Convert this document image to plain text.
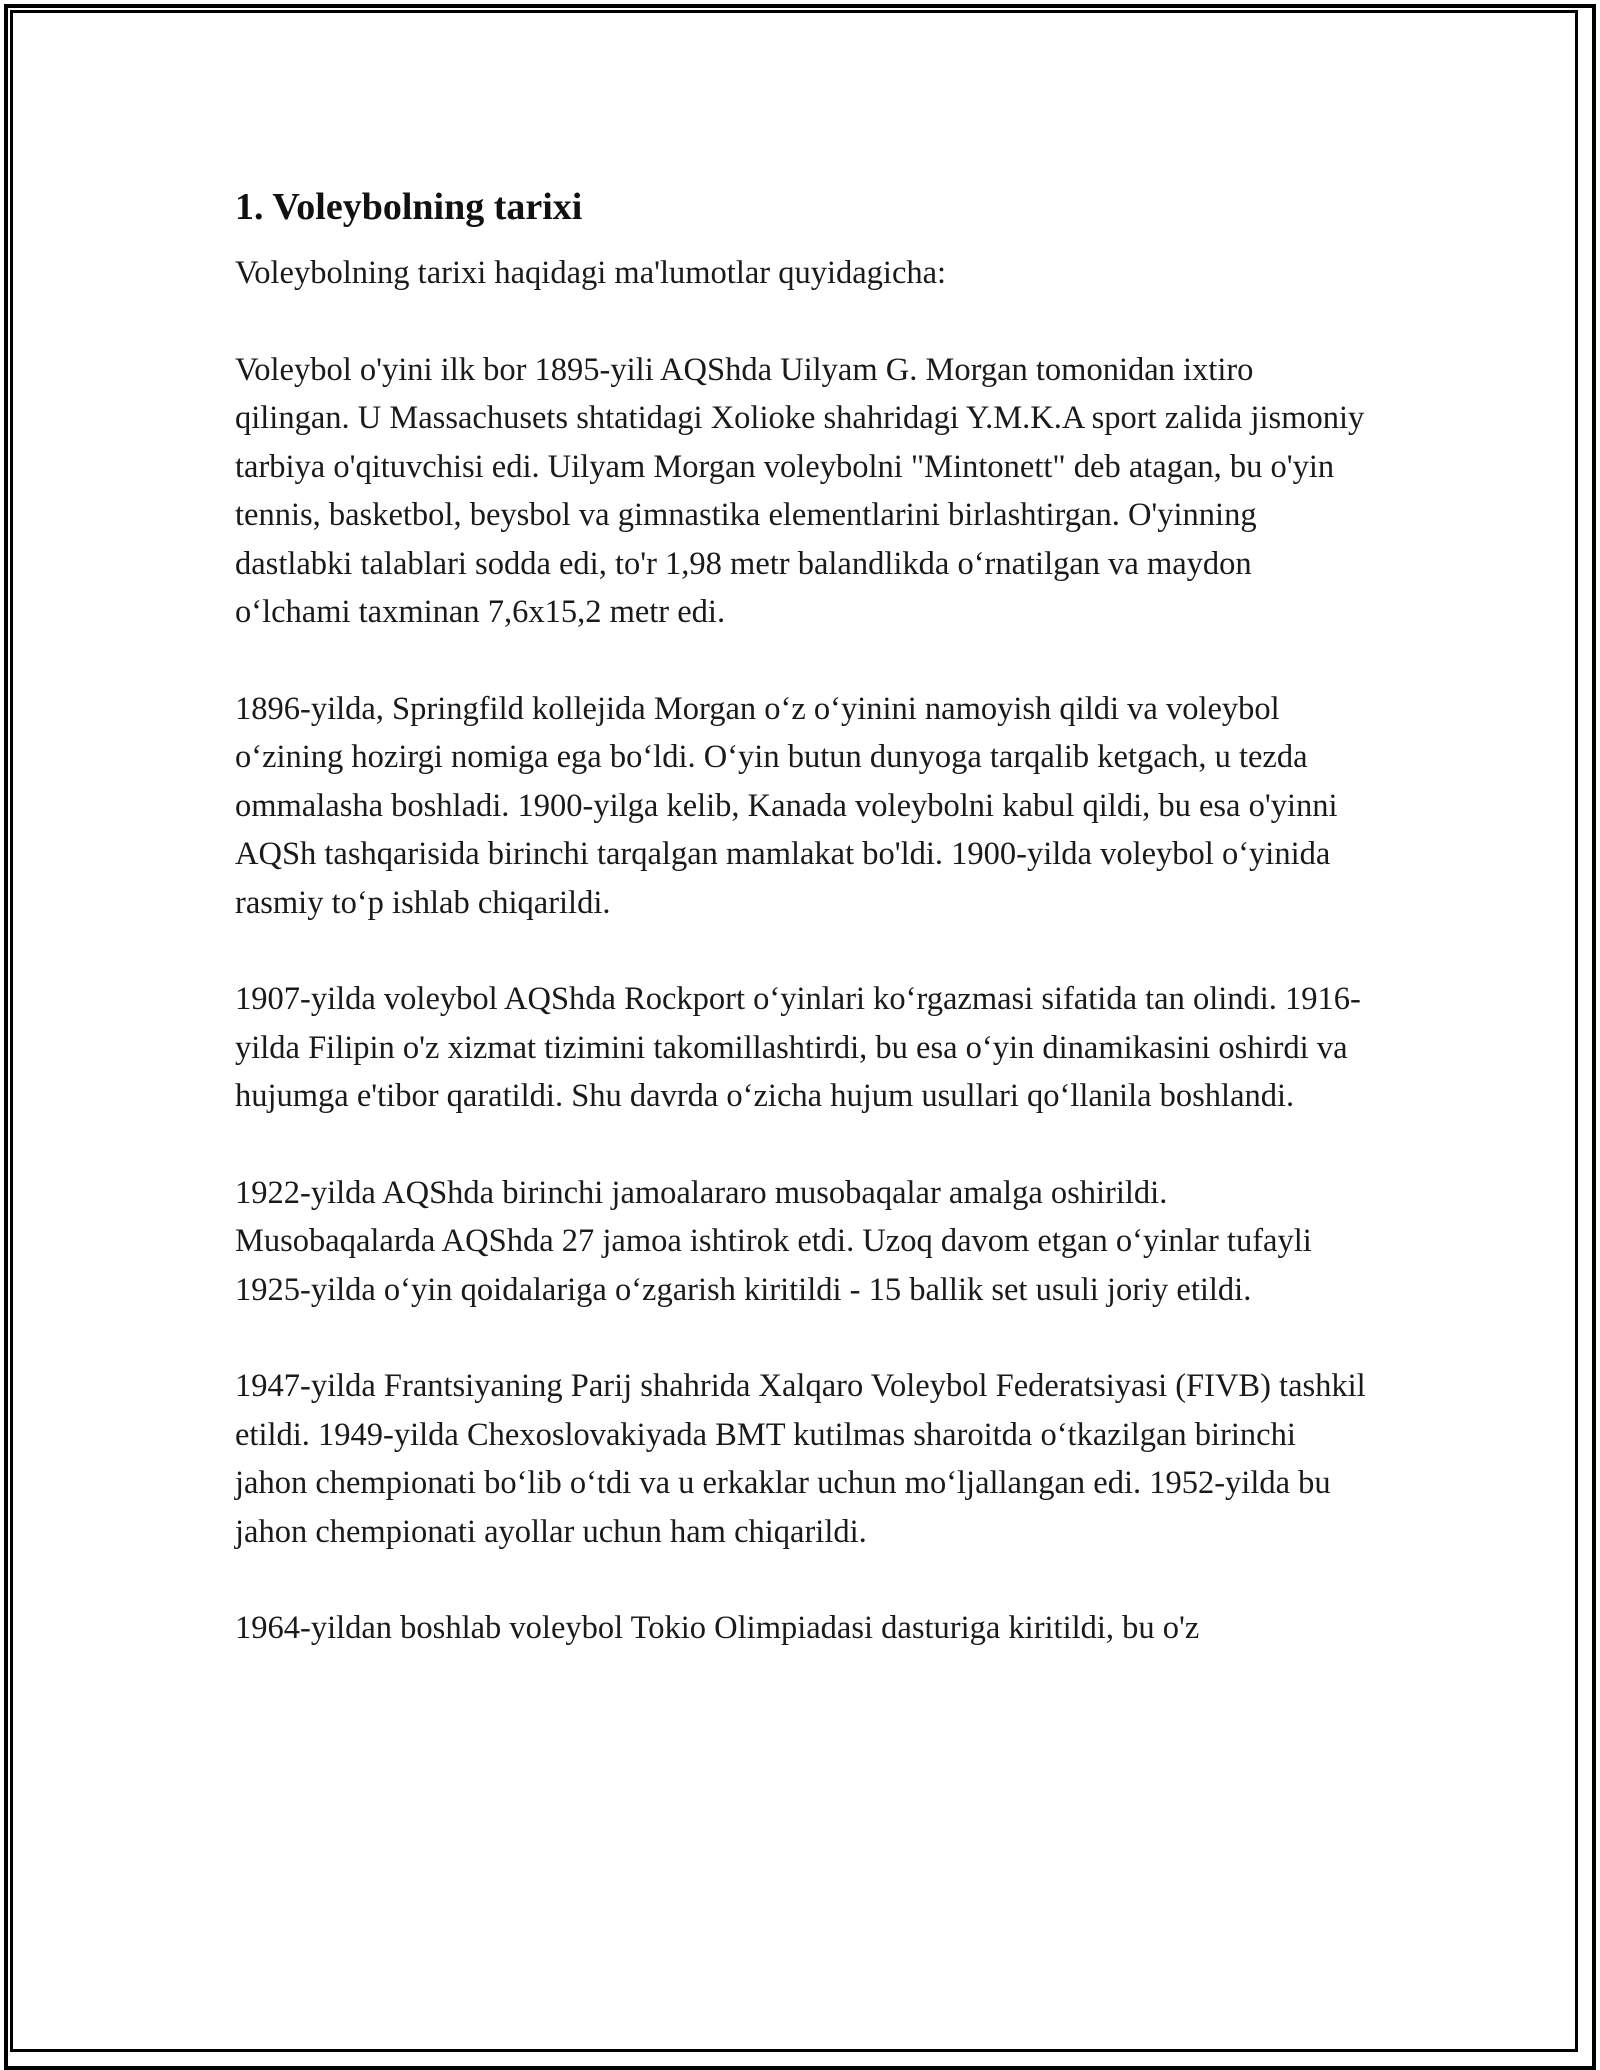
1. Voleybolning tarixi

Voleybolning tarixi haqidagi ma'lumotlar quyidagicha:

Voleybol o'yini ilk bor 1895-yili AQShda Uilyam G. Morgan tomonidan ixtiro qilingan. U Massachusets shtatidagi Xolioke shahridagi Y.M.K.A sport zalida jismoniy tarbiya o'qituvchisi edi. Uilyam Morgan voleybolni "Mintonett" deb atagan, bu o'yin tennis, basketbol, beysbol va gimnastika elementlarini birlashtirgan. O'yinning dastlabki talablari sodda edi, to'r 1,98 metr balandlikda o‘rnatilgan va maydon o‘lchami taxminan 7,6x15,2 metr edi.

1896-yilda, Springfild kollejida Morgan o‘z o‘yinini namoyish qildi va voleybol o‘zining hozirgi nomiga ega bo‘ldi. O‘yin butun dunyoga tarqalib ketgach, u tezda ommalasha boshladi. 1900-yilga kelib, Kanada voleybolni kabul qildi, bu esa o'yinni AQSh tashqarisida birinchi tarqalgan mamlakat bo'ldi. 1900-yilda voleybol o‘yinida rasmiy to‘p ishlab chiqarildi.

1907-yilda voleybol AQShda Rockport o‘yinlari ko‘rgazmasi sifatida tan olindi. 1916-yilda Filipin o'z xizmat tizimini takomillashtirdi, bu esa o‘yin dinamikasini oshirdi va hujumga e'tibor qaratildi. Shu davrda o‘zicha hujum usullari qo‘llanila boshlandi.

1922-yilda AQShda birinchi jamoalararo musobaqalar amalga oshirildi. Musobaqalarda AQShda 27 jamoa ishtirok etdi. Uzoq davom etgan o‘yinlar tufayli 1925-yilda o‘yin qoidalariga o‘zgarish kiritildi - 15 ballik set usuli joriy etildi.

1947-yilda Frantsiyaning Parij shahrida Xalqaro Voleybol Federatsiyasi (FIVB) tashkil etildi. 1949-yilda Chexoslovakiyada BMT kutilmas sharoitda o‘tkazilgan birinchi jahon chempionati bo‘lib o‘tdi va u erkaklar uchun mo‘ljallangan edi. 1952-yilda bu jahon chempionati ayollar uchun ham chiqarildi.

1964-yildan boshlab voleybol Tokio Olimpiadasi dasturiga kiritildi, bu o'z
